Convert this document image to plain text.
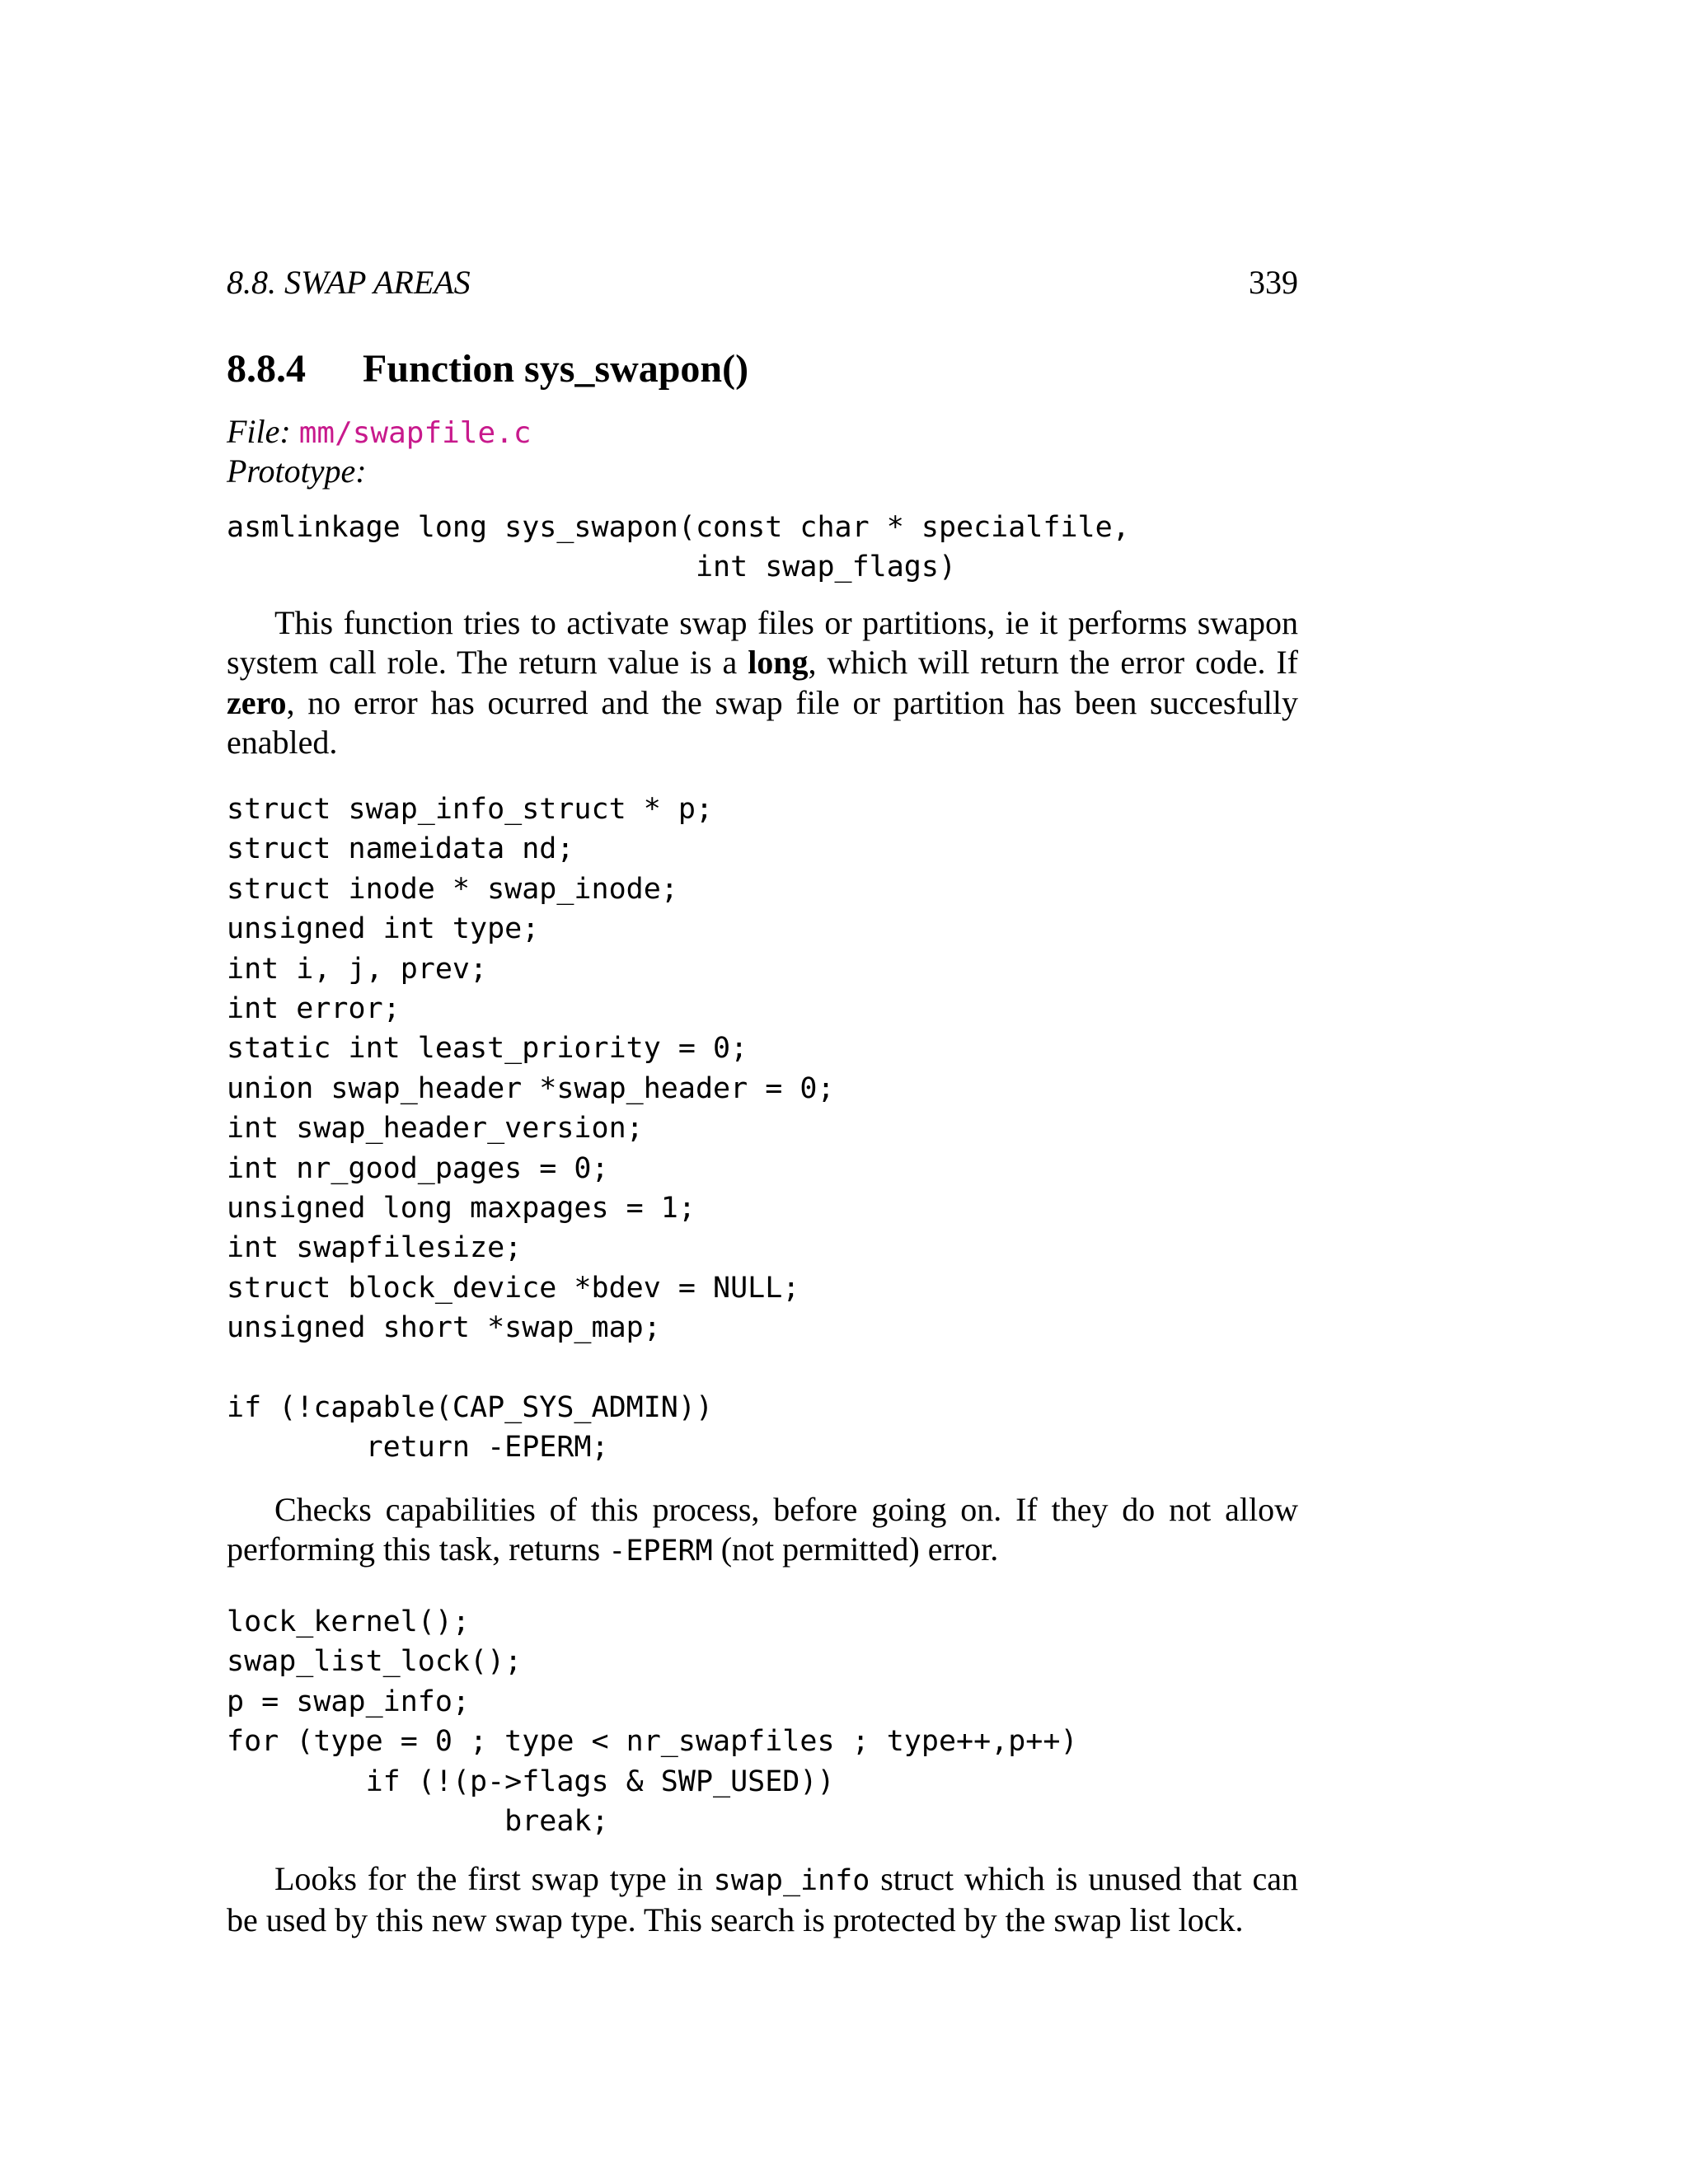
8.8. SWAP AREAS	339
8.8.4 Function sys_swapon()
File: mm/swapfile.c
Prototype:
asmlinkage long sys_swapon(const char * specialfile,
int swap_flags)

This function tries to activate swap files or partitions, ie it performs swapon system call role. The return value is a long, which will return the error code. If zero, no error has ocurred and the swap file or partition has been succesfully enabled.

struct swap_info_struct * p;
struct nameidata nd;
struct inode * swap_inode;
unsigned int type;
int i, j, prev;
int error;
static int least_priority = 0;
union swap_header *swap_header = 0;
int swap_header_version;
int nr_good_pages = 0;
unsigned long maxpages = 1;
int swapfilesize;
struct block_device *bdev = NULL;
unsigned short *swap_map;
if (!capable(CAP_SYS_ADMIN))
return -EPERM;

Checks capabilities of this process, before going on. If they do not allow performing this task, returns -EPERM (not permitted) error.

lock_kernel();
swap_list_lock();
p = swap_info;
for (type = 0 ; type < nr_swapfiles ; type++,p++)
if (!(p->flags & SWP_USED))
break;

Looks for the first swap type in swap_info struct which is unused that can be used by this new swap type. This search is protected by the swap list lock.
